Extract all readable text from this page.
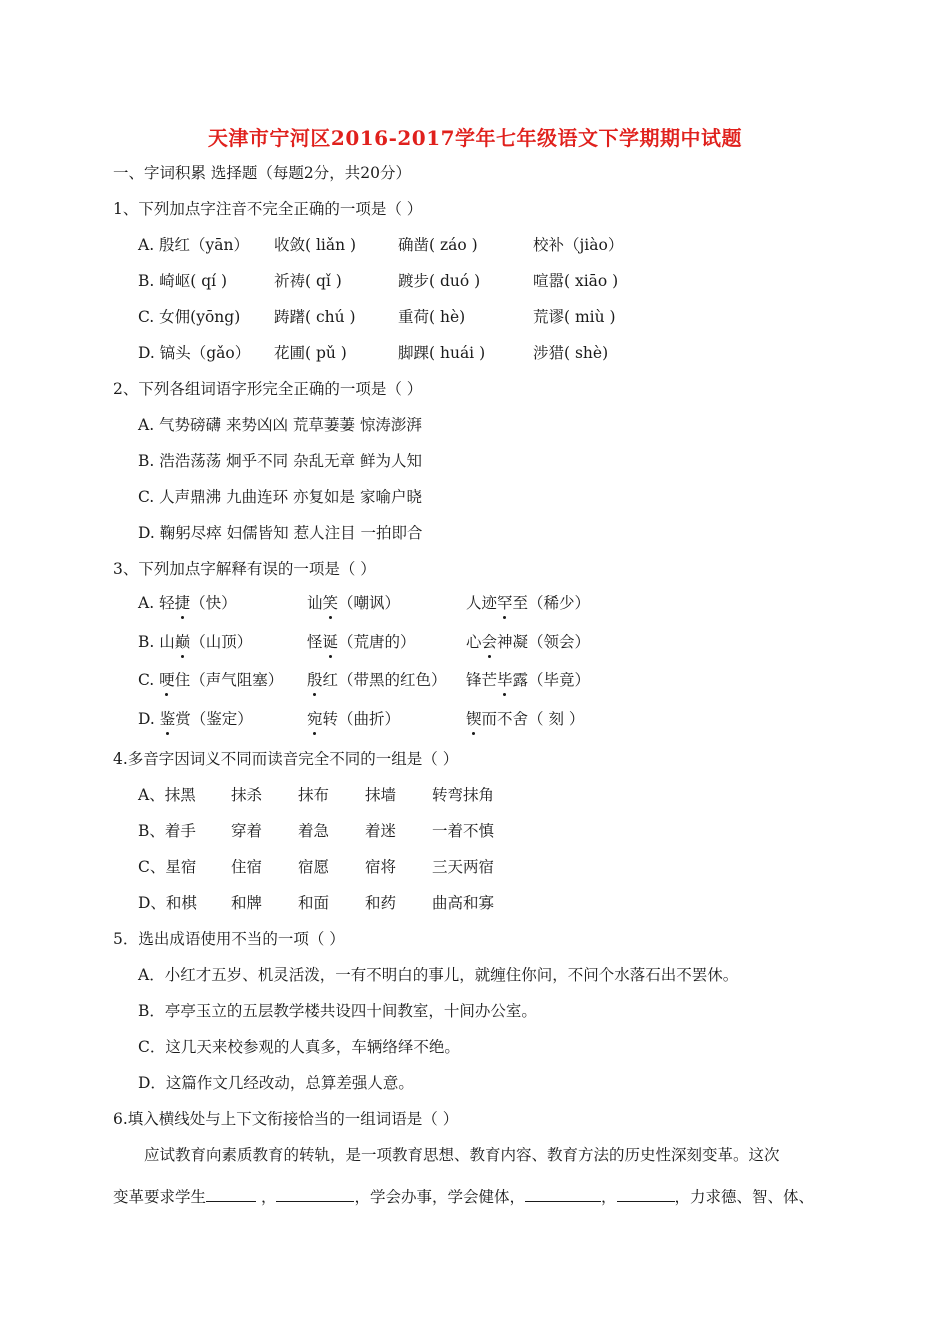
天津市宁河区2016-2017学年七年级语文下学期期中试题
一、字词积累 选择题（每题2分，共20分）
1、下列加点字注音不完全正确的一项是（ ）
A. 殷红（yān） 收敛( liǎn )	确凿( záo )	校补（jiào）
B. 崎岖( qí )	祈祷( qǐ )	踱步( duó )	喧嚣( xiāo )
C. 女佣(yōng) 踌躇( chú )	重荷( hè)	荒谬( miù )
D. 镐头（gǎo） 花圃( pǔ )	脚踝( huái )	涉猎( shè)
2、下列各组词语字形完全正确的一项是（ ）
A. 气势磅礴 来势凶凶 荒草萋萋 惊涛澎湃
B. 浩浩荡荡 炯乎不同 杂乱无章 鲜为人知
C. 人声鼎沸 九曲连环 亦复如是 家喻户晓
D. 鞠躬尽瘁 妇儒皆知 惹人注目 一拍即合
3、下列加点字解释有误的一项是（ ）
A. 轻捷（快）	讪笑（嘲讽）	人迹罕至（稀少）
B. 山巅（山顶）	怪诞（荒唐的）	心会神凝（领会）
C. 哽住（声气阻塞） 殷红（带黑的红色） 锋芒毕露（毕竟）
D. 鉴赏（鉴定）	宛转（曲折）	锲而不舍（ 刻 ）
4.多音字因词义不同而读音完全不同的一组是（ ）
A、抹黑 抹杀 抹布 抹墙 转弯抹角
B、着手 穿着 着急 着迷 一着不慎
C、星宿 住宿 宿愿 宿将 三天两宿
D、和棋 和牌 和面 和药 曲高和寡
5．选出成语使用不当的一项（ ）
A．小红才五岁、机灵活泼，一有不明白的事儿，就缠住你问，不问个水落石出不罢休。
B．亭亭玉立的五层教学楼共设四十间教室，十间办公室。
C．这几天来校参观的人真多，车辆络绎不绝。
D．这篇作文几经改动，总算差强人意。
6.填入横线处与上下文衔接恰当的一组词语是（ ）
应试教育向素质教育的转轨，是一项教育思想、教育内容、教育方法的历史性深刻变革。这次
变革要求学生	，	，学会办事，学会健体，	，	，力求德、智、体、
